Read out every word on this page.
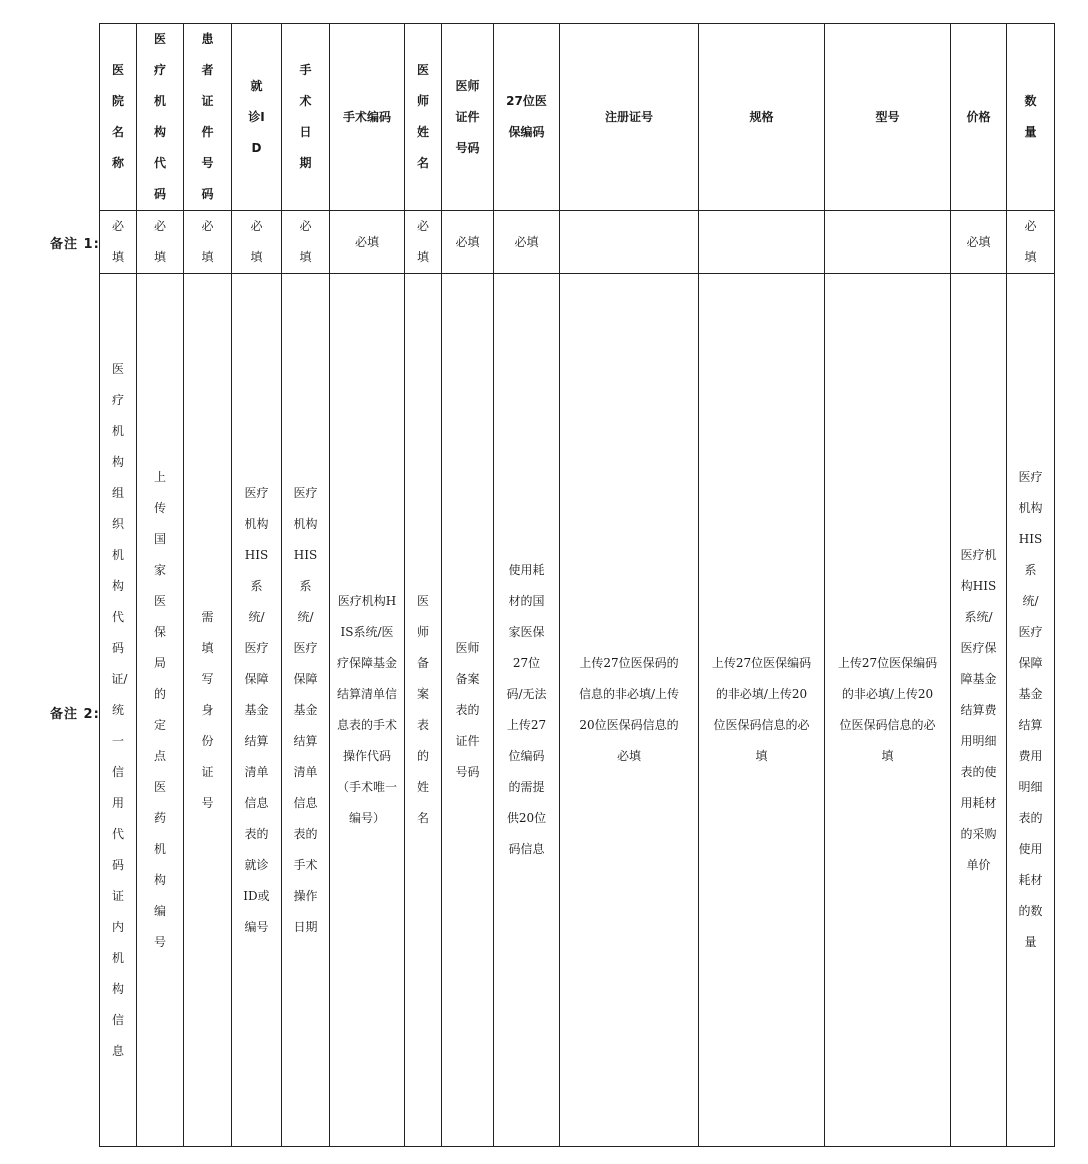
备注 1:
备注 2:
医院名称	医疗机构代码	患者证件号码	就诊ID	手术日期	手术编码	医师姓名	医师证件号码	27位医保编码	注册证号	规格	型号	价格	数量
必填	必填	必填	必填	必填	必填	必填	必填	必填				必填	必填
医疗机构组织机构代码证/统一信用代码证内机构信息	上传国家医保局的定点医药机构编号	需填写身份证号	医疗机构HIS系统/医疗保障基金结算清单信息表的就诊ID或编号	医疗机构HIS系统/医疗保障基金结算清单信息表的手术操作日期	医疗机构HIS系统/医疗保障基金结算清单信息表的手术操作代码（手术唯一编号）	医师备案表的姓名	医师备案表的证件号码	使用耗材的国家医保27位码/无法上传27位编码的需提供20位码信息	上传27位医保码的信息的非必填/上传20位医保码信息的必填	上传27位医保编码的非必填/上传20位医保码信息的必填	上传27位医保编码的非必填/上传20位医保码信息的必填	医疗机构HIS系统/医疗保障基金结算费用明细表的使用耗材的采购单价	医疗机构HIS系统/医疗保障基金结算费用明细表的使用耗材的数量
